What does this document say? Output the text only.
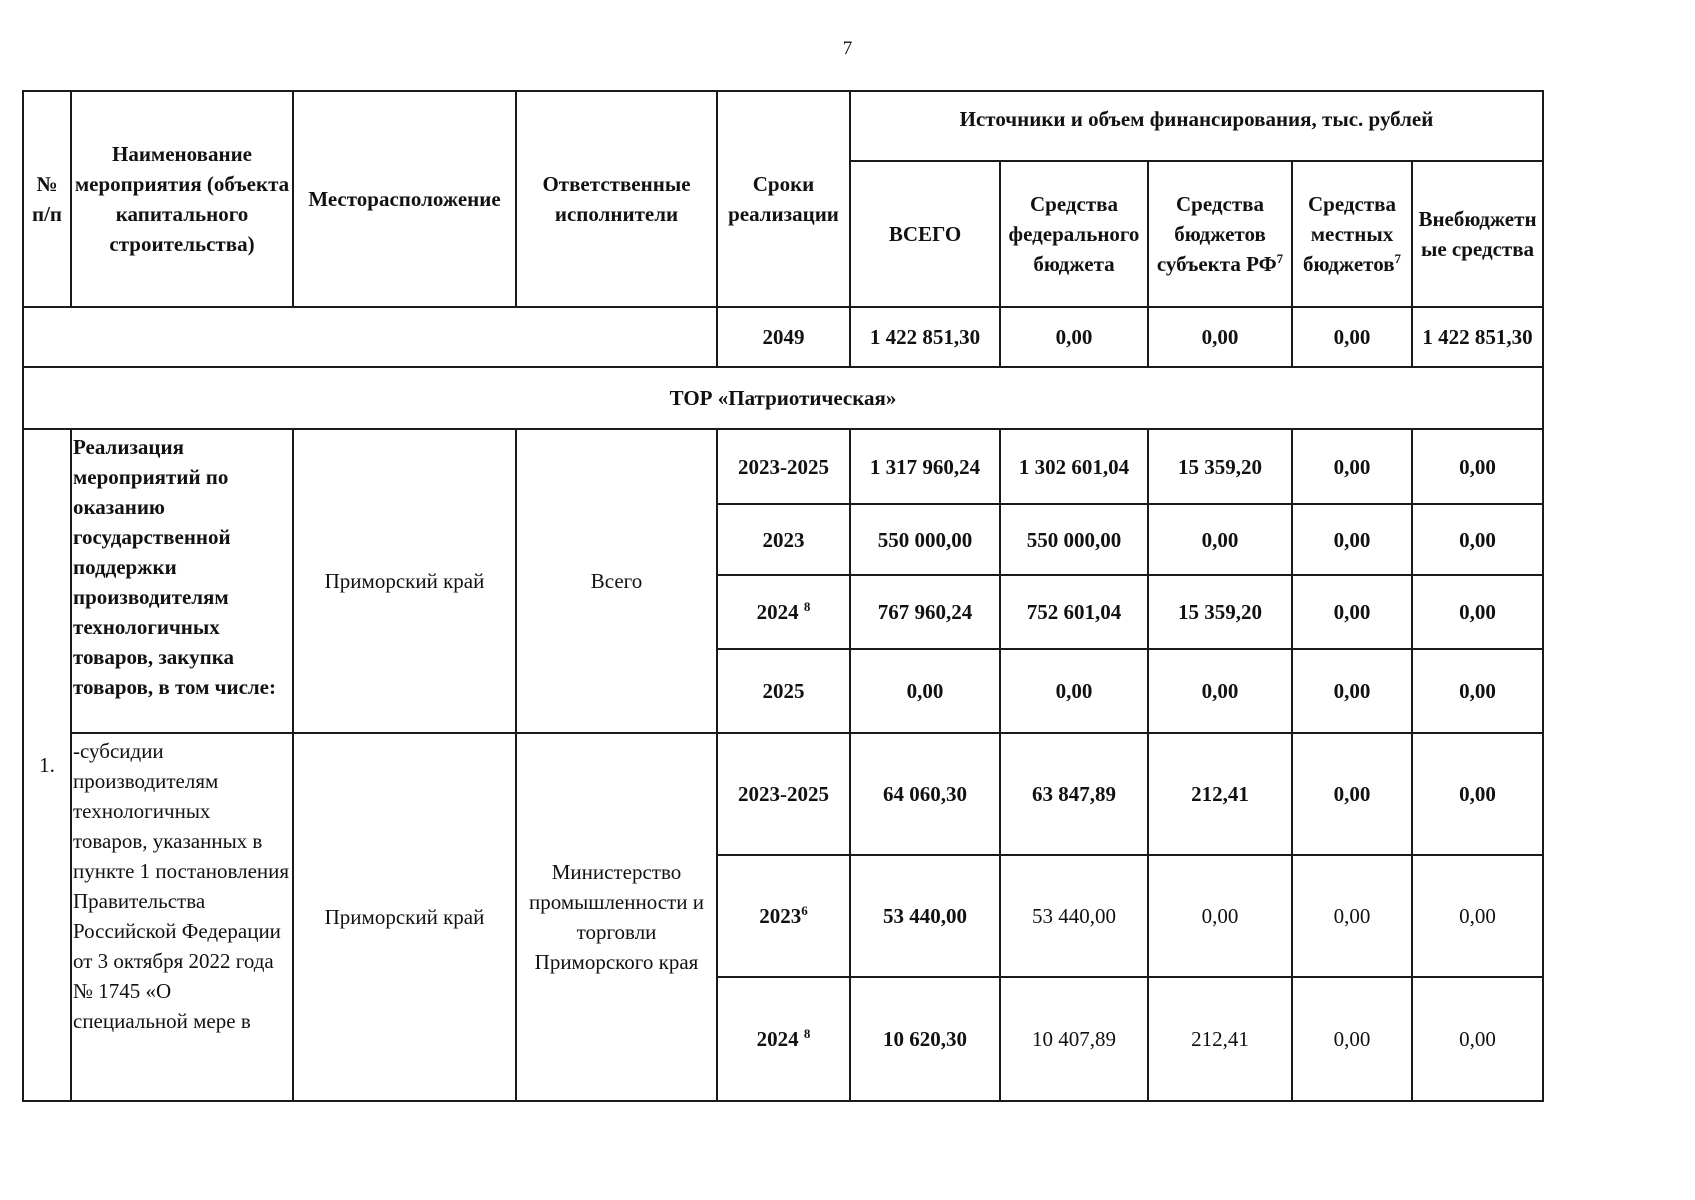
7
№ п/п	Наименование мероприятия (объекта капитального строительства)	Месторасположение	Ответственные исполнители	Сроки реализации	Источники и объем финансирования, тыс. рублей				
					ВСЕГО	Средства федерального бюджета	Средства бюджетов субъекта $РФ^7$	Средства местных бюджетов$^7$	Внебюджетные средства
				2049	1 422 851,30	0,00	0,00	0,00	1 422 851,30
ТОР «Патриотическая»									
1.	Реализация мероприятий по оказанию государственной поддержки производителям технологичных товаров, закупка товаров, в том числе:	Приморский край	Всего	2023-2025	1 317 960,24	1 302 601,04	15 359,20	0,00	0,00
				2023	550 000,00	550 000,00	0,00	0,00	0,00
				2024 $^8$	767 960,24	752 601,04	15 359,20	0,00	0,00
				2025	0,00	0,00	0,00	0,00	0,00
	-субсидии производителям технологичных товаров, указанных в пункте 1 постановления Правительства Российской Федерации от 3 октября 2022 года № 1745 «О специальной мере в	Приморский край	Министерство промышленности и торговли Приморского края	2023-2025	64 060,30	63 847,89	212,41	0,00	0,00
				2023$^6$	53 440,00	53 440,00	0,00	0,00	0,00
				2024 $^8$	10 620,30	10 407,89	212,41	0,00	0,00
